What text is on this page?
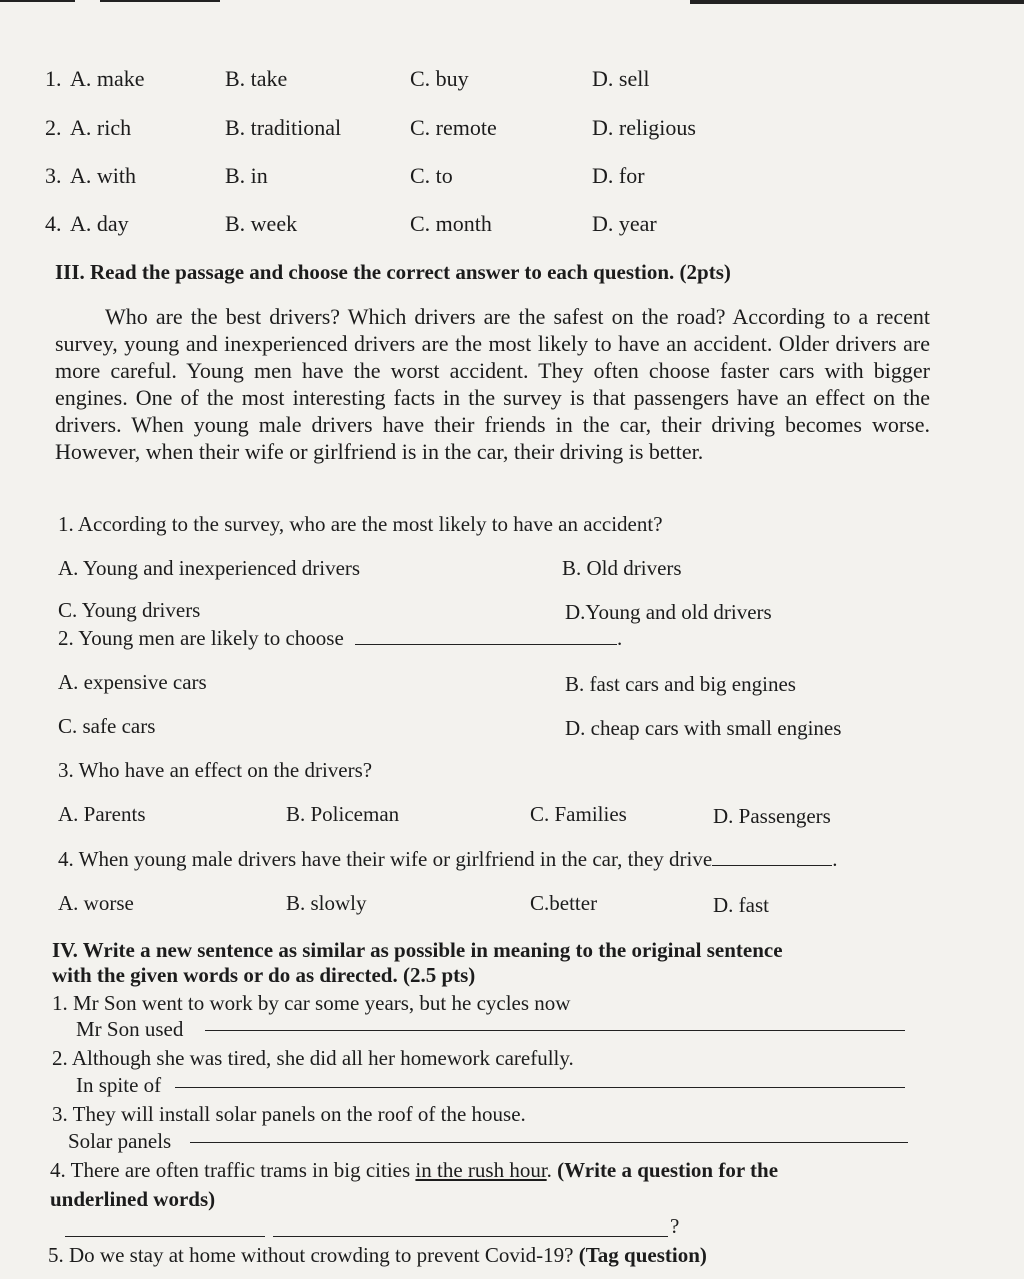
1. A. make	B. take	C. buy	D. sell
2. A. rich	B. traditional	C. remote	D. religious
3. A. with	B. in	C. to	D. for
4. A. day	B. week	C. month	D. year
III. Read the passage and choose the correct answer to each question. (2pts)

Who are the best drivers? Which drivers are the safest on the road? According to a recent survey, young and inexperienced drivers are the most likely to have an accident. Older drivers are more careful. Young men have the worst accident. They often choose faster cars with bigger engines. One of the most interesting facts in the survey is that passengers have an effect on the drivers. When young male drivers have their friends in the car, their driving becomes worse. However, when their wife or girlfriend is in the car, their driving is better.

1. According to the survey, who are the most likely to have an accident?
A. Young and inexperienced drivers	B. Old drivers
C. Young drivers	D.Young and old drivers
2. Young men are likely to choose	.
A. expensive cars	B. fast cars and big engines
C. safe cars	D. cheap cars with small engines
3. Who have an effect on the drivers?
A. Parents	B. Policeman	C. Families	D. Passengers
4. When young male drivers have their wife or girlfriend in the car, they drive	.
A. worse	B. slowly	C.better	D. fast
IV. Write a new sentence as similar as possible in meaning to the original sentence
with the given words or do as directed. (2.5 pts)
1. Mr Son went to work by car some years, but he cycles now
Mr Son used
2. Although she was tired, she did all her homework carefully.
In spite of
3. They will install solar panels on the roof of the house.
Solar panels
4. There are often traffic trams in big cities in the rush hour. (Write a question for the
underlined words)
?
5. Do we stay at home without crowding to prevent Covid-19? (Tag question)
